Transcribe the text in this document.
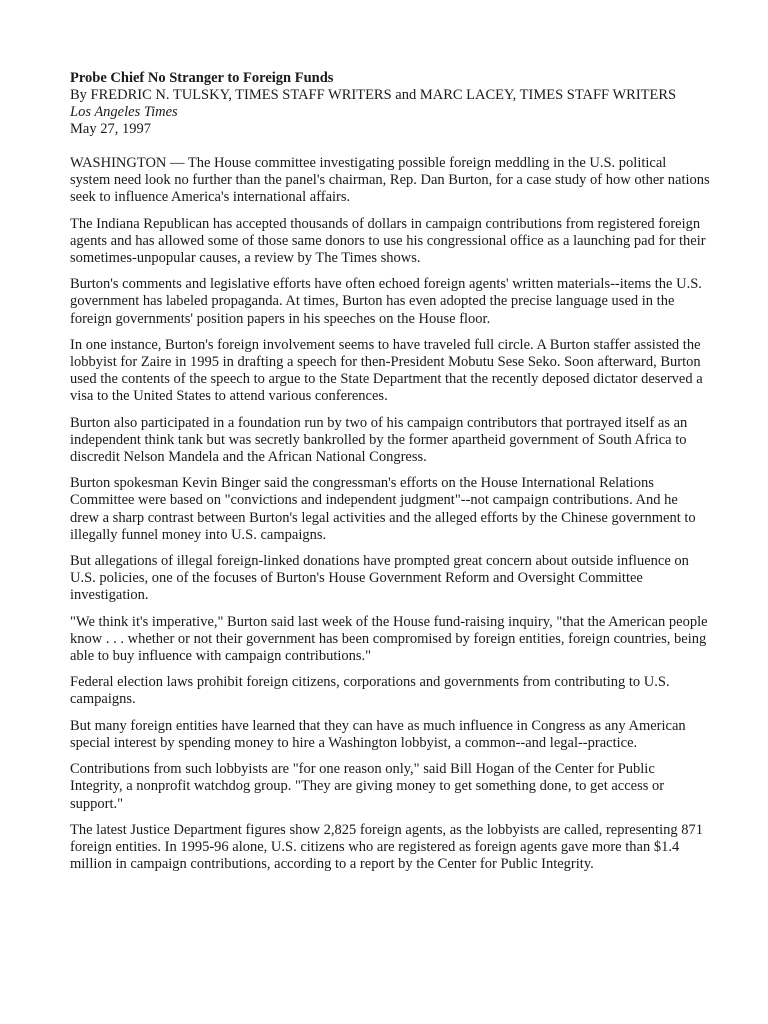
Probe Chief No Stranger to Foreign Funds

By FREDRIC N. TULSKY, TIMES STAFF WRITERS and MARC LACEY, TIMES STAFF WRITERS

Los Angeles Times

May 27, 1997

WASHINGTON — The House committee investigating possible foreign meddling in the U.S. political system need look no further than the panel's chairman, Rep. Dan Burton, for a case study of how other nations seek to influence America's international affairs.

The Indiana Republican has accepted thousands of dollars in campaign contributions from registered foreign agents and has allowed some of those same donors to use his congressional office as a launching pad for their sometimes-unpopular causes, a review by The Times shows.

Burton's comments and legislative efforts have often echoed foreign agents' written materials--items the U.S. government has labeled propaganda. At times, Burton has even adopted the precise language used in the foreign governments' position papers in his speeches on the House floor.

In one instance, Burton's foreign involvement seems to have traveled full circle. A Burton staffer assisted the lobbyist for Zaire in 1995 in drafting a speech for then-President Mobutu Sese Seko. Soon afterward, Burton used the contents of the speech to argue to the State Department that the recently deposed dictator deserved a visa to the United States to attend various conferences.

Burton also participated in a foundation run by two of his campaign contributors that portrayed itself as an independent think tank but was secretly bankrolled by the former apartheid government of South Africa to discredit Nelson Mandela and the African National Congress.

Burton spokesman Kevin Binger said the congressman's efforts on the House International Relations Committee were based on "convictions and independent judgment"--not campaign contributions. And he drew a sharp contrast between Burton's legal activities and the alleged efforts by the Chinese government to illegally funnel money into U.S. campaigns.

But allegations of illegal foreign-linked donations have prompted great concern about outside influence on U.S. policies, one of the focuses of Burton's House Government Reform and Oversight Committee investigation.

"We think it's imperative," Burton said last week of the House fund-raising inquiry, "that the American people know . . . whether or not their government has been compromised by foreign entities, foreign countries, being able to buy influence with campaign contributions."

Federal election laws prohibit foreign citizens, corporations and governments from contributing to U.S. campaigns.

But many foreign entities have learned that they can have as much influence in Congress as any American special interest by spending money to hire a Washington lobbyist, a common--and legal--practice.

Contributions from such lobbyists are "for one reason only," said Bill Hogan of the Center for Public Integrity, a nonprofit watchdog group. "They are giving money to get something done, to get access or support."

The latest Justice Department figures show 2,825 foreign agents, as the lobbyists are called, representing 871 foreign entities. In 1995-96 alone, U.S. citizens who are registered as foreign agents gave more than $1.4 million in campaign contributions, according to a report by the Center for Public Integrity.
